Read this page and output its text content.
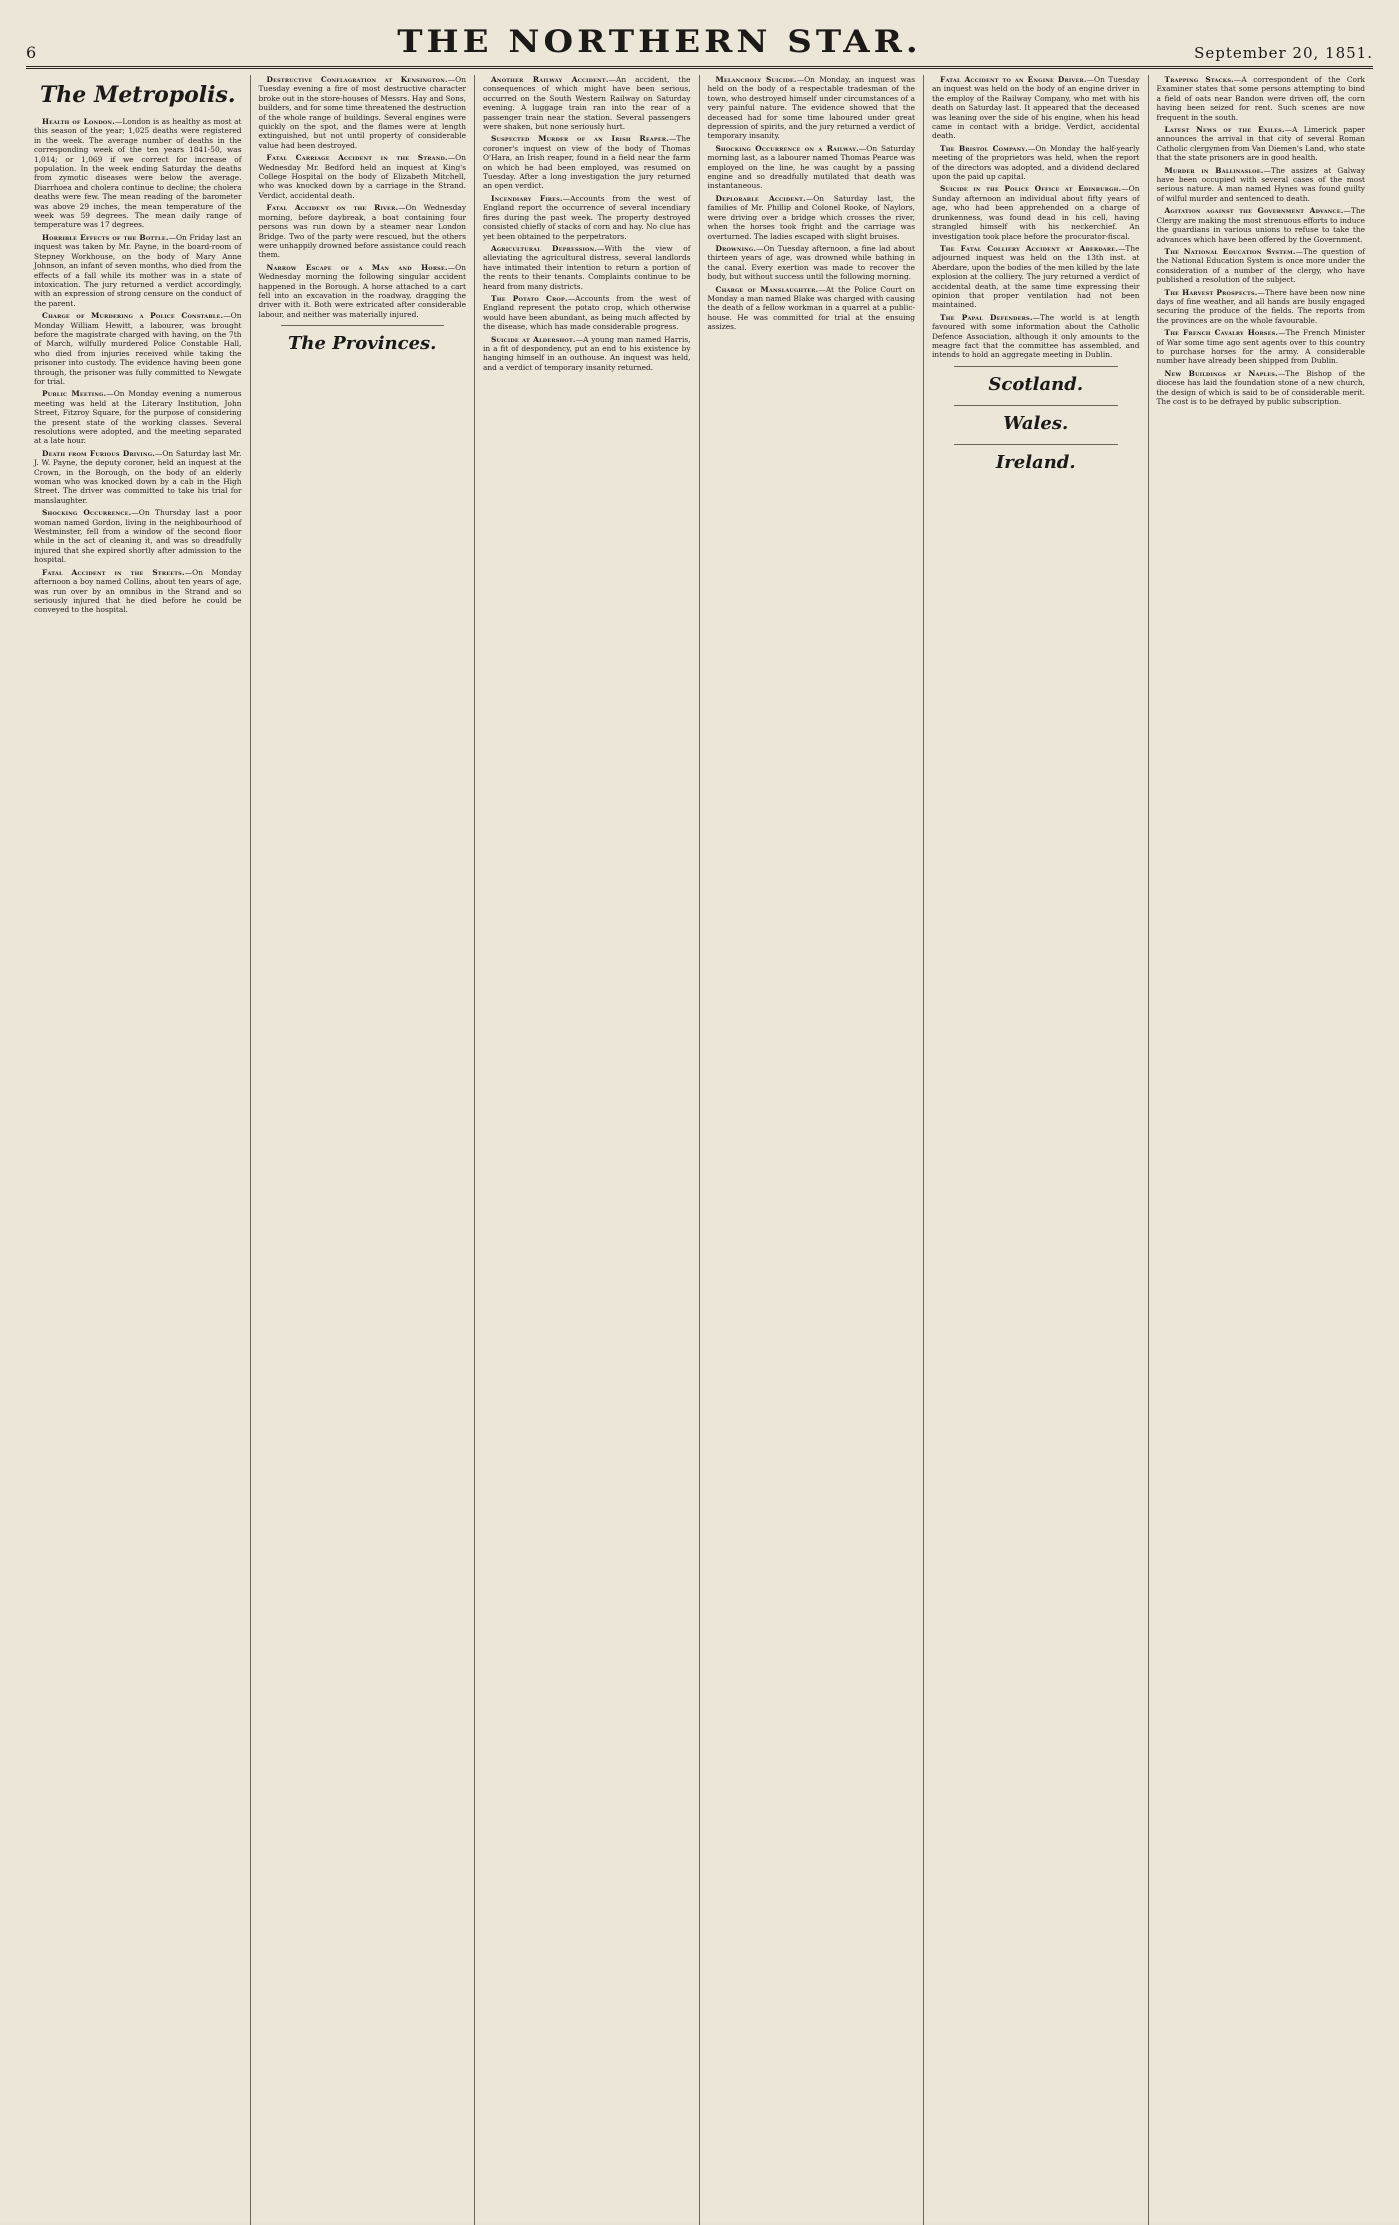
6	THE NORTHERN STAR.	September 20, 1851.
The Metropolis.

Health of London.—London is as healthy as most at this season of the year; 1,025 deaths were registered in the week. The average number of deaths in the corresponding week of the ten years 1841-50, was 1,014; or 1,069 if we correct for increase of population. In the week ending Saturday the deaths from zymotic diseases were below the average. Diarrhoea and cholera continue to decline; the cholera deaths were few. The mean reading of the barometer was above 29 inches, the mean temperature of the week was 59 degrees. The mean daily range of temperature was 17 degrees.

Horrible Effects of the Bottle.—On Friday last an inquest was taken by Mr. Payne, in the board-room of Stepney Workhouse, on the body of Mary Anne Johnson, an infant of seven months, who died from the effects of a fall while its mother was in a state of intoxication. The jury returned a verdict accordingly, with an expression of strong censure on the conduct of the parent.

Charge of Murdering a Police Constable.—On Monday William Hewitt, a labourer, was brought before the magistrate charged with having, on the 7th of March, wilfully murdered Police Constable Hall, who died from injuries received while taking the prisoner into custody. The evidence having been gone through, the prisoner was fully committed to Newgate for trial.

Public Meeting.—On Monday evening a numerous meeting was held at the Literary Institution, John Street, Fitzroy Square, for the purpose of considering the present state of the working classes. Several resolutions were adopted, and the meeting separated at a late hour.

Death from Furious Driving.—On Saturday last Mr. J. W. Payne, the deputy coroner, held an inquest at the Crown, in the Borough, on the body of an elderly woman who was knocked down by a cab in the High Street. The driver was committed to take his trial for manslaughter.

Shocking Occurrence.—On Thursday last a poor woman named Gordon, living in the neighbourhood of Westminster, fell from a window of the second floor while in the act of cleaning it, and was so dreadfully injured that she expired shortly after admission to the hospital.

Fatal Accident in the Streets.—On Monday afternoon a boy named Collins, about ten years of age, was run over by an omnibus in the Strand and so seriously injured that he died before he could be conveyed to the hospital.

Destructive Conflagration at Kensington.—On Tuesday evening a fire of most destructive character broke out in the store-houses of Messrs. Hay and Sons, builders, and for some time threatened the destruction of the whole range of buildings. Several engines were quickly on the spot, and the flames were at length extinguished, but not until property of considerable value had been destroyed.

Fatal Carriage Accident in the Strand.—On Wednesday Mr. Bedford held an inquest at King's College Hospital on the body of Elizabeth Mitchell, who was knocked down by a carriage in the Strand. Verdict, accidental death.

Fatal Accident on the River.—On Wednesday morning, before daybreak, a boat containing four persons was run down by a steamer near London Bridge. Two of the party were rescued, but the others were unhappily drowned before assistance could reach them.

Narrow Escape of a Man and Horse.—On Wednesday morning the following singular accident happened in the Borough. A horse attached to a cart fell into an excavation in the roadway, dragging the driver with it. Both were extricated after considerable labour, and neither was materially injured.

The Provinces.

Another Railway Accident.—An accident, the consequences of which might have been serious, occurred on the South Western Railway on Saturday evening. A luggage train ran into the rear of a passenger train near the station. Several passengers were shaken, but none seriously hurt.

Suspected Murder of an Irish Reaper.—The coroner's inquest on view of the body of Thomas O'Hara, an Irish reaper, found in a field near the farm on which he had been employed, was resumed on Tuesday. After a long investigation the jury returned an open verdict.

Incendiary Fires.—Accounts from the west of England report the occurrence of several incendiary fires during the past week. The property destroyed consisted chiefly of stacks of corn and hay. No clue has yet been obtained to the perpetrators.

Agricultural Depression.—With the view of alleviating the agricultural distress, several landlords have intimated their intention to return a portion of the rents to their tenants. Complaints continue to be heard from many districts.

The Potato Crop.—Accounts from the west of England represent the potato crop, which otherwise would have been abundant, as being much affected by the disease, which has made considerable progress.

Suicide at Aldershot.—A young man named Harris, in a fit of despondency, put an end to his existence by hanging himself in an outhouse. An inquest was held, and a verdict of temporary insanity returned.

Melancholy Suicide.—On Monday, an inquest was held on the body of a respectable tradesman of the town, who destroyed himself under circumstances of a very painful nature. The evidence showed that the deceased had for some time laboured under great depression of spirits, and the jury returned a verdict of temporary insanity.

Shocking Occurrence on a Railway.—On Saturday morning last, as a labourer named Thomas Pearce was employed on the line, he was caught by a passing engine and so dreadfully mutilated that death was instantaneous.

Deplorable Accident.—On Saturday last, the families of Mr. Phillip and Colonel Rooke, of Naylors, were driving over a bridge which crosses the river, when the horses took fright and the carriage was overturned. The ladies escaped with slight bruises.

Drowning.—On Tuesday afternoon, a fine lad about thirteen years of age, was drowned while bathing in the canal. Every exertion was made to recover the body, but without success until the following morning.

Charge of Manslaughter.—At the Police Court on Monday a man named Blake was charged with causing the death of a fellow workman in a quarrel at a public-house. He was committed for trial at the ensuing assizes.

Fatal Accident to an Engine Driver.—On Tuesday an inquest was held on the body of an engine driver in the employ of the Railway Company, who met with his death on Saturday last. It appeared that the deceased was leaning over the side of his engine, when his head came in contact with a bridge. Verdict, accidental death.

The Bristol Company.—On Monday the half-yearly meeting of the proprietors was held, when the report of the directors was adopted, and a dividend declared upon the paid up capital.

Suicide in the Police Office at Edinburgh.—On Sunday afternoon an individual about fifty years of age, who had been apprehended on a charge of drunkenness, was found dead in his cell, having strangled himself with his neckerchief. An investigation took place before the procurator-fiscal.

The Fatal Colliery Accident at Aberdare.—The adjourned inquest was held on the 13th inst. at Aberdare, upon the bodies of the men killed by the late explosion at the colliery. The jury returned a verdict of accidental death, at the same time expressing their opinion that proper ventilation had not been maintained.

The Papal Defenders.—The world is at length favoured with some information about the Catholic Defence Association, although it only amounts to the meagre fact that the committee has assembled, and intends to hold an aggregate meeting in Dublin.

Scotland.
Wales.
Ireland.

Trapping Stacks.—A correspondent of the Cork Examiner states that some persons attempting to bind a field of oats near Bandon were driven off, the corn having been seized for rent. Such scenes are now frequent in the south.

Latest News of the Exiles.—A Limerick paper announces the arrival in that city of several Roman Catholic clergymen from Van Diemen's Land, who state that the state prisoners are in good health.

Murder in Ballinasloe.—The assizes at Galway have been occupied with several cases of the most serious nature. A man named Hynes was found guilty of wilful murder and sentenced to death.

Agitation against the Government Advance.—The Clergy are making the most strenuous efforts to induce the guardians in various unions to refuse to take the advances which have been offered by the Government.

The National Education System.—The question of the National Education System is once more under the consideration of a number of the clergy, who have published a resolution of the subject.

The Harvest Prospects.—There have been now nine days of fine weather, and all hands are busily engaged securing the produce of the fields. The reports from the provinces are on the whole favourable.

The French Cavalry Horses.—The French Minister of War some time ago sent agents over to this country to purchase horses for the army. A considerable number have already been shipped from Dublin.

New Buildings at Naples.—The Bishop of the diocese has laid the foundation stone of a new church, the design of which is said to be of considerable merit. The cost is to be defrayed by public subscription.
